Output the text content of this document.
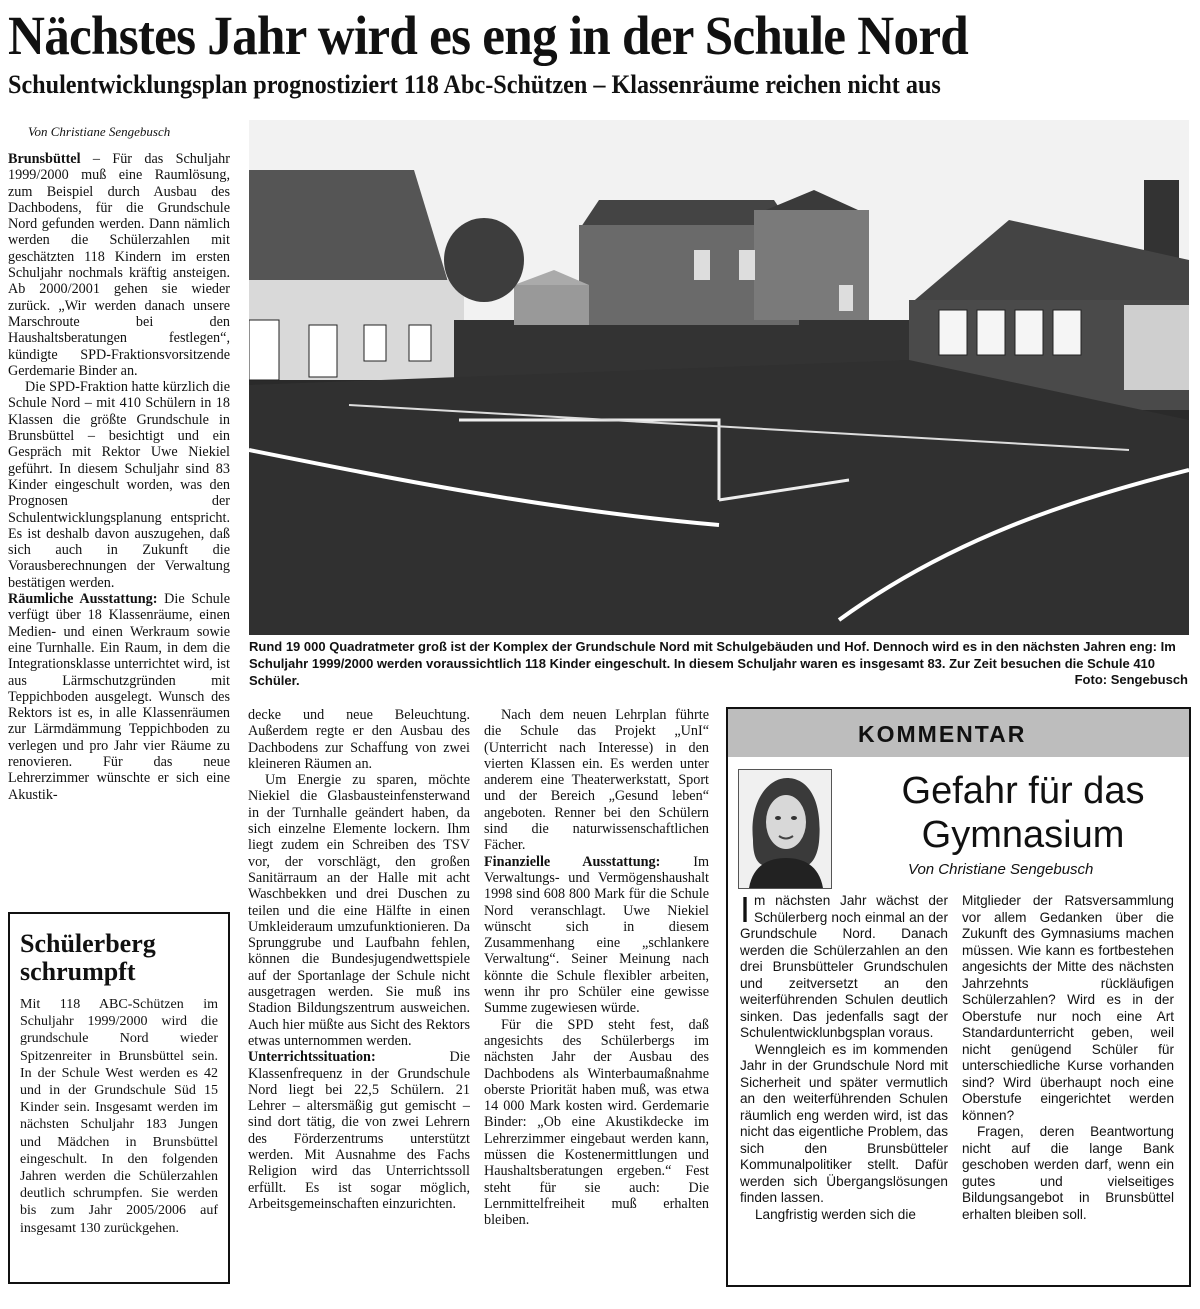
Nächstes Jahr wird es eng in der Schule Nord
Schulentwicklungsplan prognostiziert 118 Abc-Schützen – Klassenräume reichen nicht aus
Von Christiane Sengebusch

Brunsbüttel – Für das Schuljahr 1999/2000 muß eine Raumlösung, zum Beispiel durch Ausbau des Dachbodens, für die Grundschule Nord gefunden werden. Dann nämlich werden die Schülerzahlen mit geschätzten 118 Kindern im ersten Schuljahr nochmals kräftig ansteigen. Ab 2000/2001 gehen sie wieder zurück. „Wir werden danach unsere Marschroute bei den Haushaltsberatungen festlegen“, kündigte SPD-Fraktionsvorsitzende Gerdemarie Binder an.

Die SPD-Fraktion hatte kürzlich die Schule Nord – mit 410 Schülern in 18 Klassen die größte Grundschule in Brunsbüttel – besichtigt und ein Gespräch mit Rektor Uwe Niekiel geführt. In diesem Schuljahr sind 83 Kinder eingeschult worden, was den Prognosen der Schulentwicklungsplanung entspricht. Es ist deshalb davon auszugehen, daß sich auch in Zukunft die Vorausberechnungen der Verwaltung bestätigen werden.

Räumliche Ausstattung: Die Schule verfügt über 18 Klassenräume, einen Medien- und einen Werkraum sowie eine Turnhalle. Ein Raum, in dem die Integrationsklasse unterrichtet wird, ist aus Lärmschutzgründen mit Teppichboden ausgelegt. Wunsch des Rektors ist es, in alle Klassenräumen zur Lärmdämmung Teppichboden zu verlegen und pro Jahr vier Räume zu renovieren. Für das neue Lehrerzimmer wünschte er sich eine Akustik-

Rund 19 000 Quadratmeter groß ist der Komplex der Grundschule Nord mit Schulgebäuden und Hof. Dennoch wird es in den nächsten Jahren eng: Im Schuljahr 1999/2000 werden voraussichtlich 118 Kinder eingeschult. In diesem Schuljahr waren es insgesamt 83. Zur Zeit besuchen die Schule 410 Schüler.	Foto: Sengebusch
Schülerberg schrumpft
Mit 118 ABC-Schützen im Schuljahr 1999/2000 wird die grundschule Nord wieder Spitzenreiter in Brunsbüttel sein. In der Schule West werden es 42 und in der Grundschule Süd 15 Kinder sein. Insgesamt werden im nächsten Schuljahr 183 Jungen und Mädchen in Brunsbüttel eingeschult. In den folgenden Jahren werden die Schülerzahlen deutlich schrumpfen. Sie werden bis zum Jahr 2005/2006 auf insgesamt 130 zurückgehen.

decke und neue Beleuchtung. Außerdem regte er den Ausbau des Dachbodens zur Schaffung von zwei kleineren Räumen an.

Um Energie zu sparen, möchte Niekiel die Glasbausteinfensterwand in der Turnhalle geändert haben, da sich einzelne Elemente lockern. Ihm liegt zudem ein Schreiben des TSV vor, der vorschlägt, den großen Sanitärraum an der Halle mit acht Waschbekken und drei Duschen zu teilen und die eine Hälfte in einen Umkleideraum umzufunktionieren. Da Sprunggrube und Laufbahn fehlen, können die Bundesjugendwettspiele auf der Sportanlage der Schule nicht ausgetragen werden. Sie muß ins Stadion Bildungszentrum ausweichen. Auch hier müßte aus Sicht des Rektors etwas unternommen werden.

Unterrichtssituation: Die Klassenfrequenz in der Grundschule Nord liegt bei 22,5 Schülern. 21 Lehrer – altersmäßig gut gemischt – sind dort tätig, die von zwei Lehrern des Förderzentrums unterstützt werden. Mit Ausnahme des Fachs Religion wird das Unterrichtssoll erfüllt. Es ist sogar möglich, Arbeitsgemeinschaften einzurichten.

Nach dem neuen Lehrplan führte die Schule das Projekt „UnI“ (Unterricht nach Interesse) in den vierten Klassen ein. Es werden unter anderem eine Theaterwerkstatt, Sport und der Bereich „Gesund leben“ angeboten. Renner bei den Schülern sind die naturwissenschaftlichen Fächer.

Finanzielle Ausstattung: Im Verwaltungs- und Vermögenshaushalt 1998 sind 608 800 Mark für die Schule Nord veranschlagt. Uwe Niekiel wünscht sich in diesem Zusammenhang eine „schlankere Verwaltung“. Seiner Meinung nach könnte die Schule flexibler arbeiten, wenn ihr pro Schüler eine gewisse Summe zugewiesen würde.

Für die SPD steht fest, daß angesichts des Schülerbergs im nächsten Jahr der Ausbau des Dachbodens als Winterbaumaßnahme oberste Priorität haben muß, was etwa 14 000 Mark kosten wird. Gerdemarie Binder: „Ob eine Akustikdecke im Lehrerzimmer eingebaut werden kann, müssen die Kostenermittlungen und Haushaltsberatungen ergeben.“ Fest steht für sie auch: Die Lernmittelfreiheit muß erhalten bleiben.

KOMMENTAR
Gefahr für das Gymnasium
Von Christiane Sengebusch

Im nächsten Jahr wächst der Schülerberg noch einmal an der Grundschule Nord. Danach werden die Schülerzahlen an den drei Brunsbütteler Grundschulen und zeitversetzt an den weiterführenden Schulen deutlich sinken. Das jedenfalls sagt der Schulentwicklunbgsplan voraus.

Wenngleich es im kommenden Jahr in der Grundschule Nord mit Sicherheit und später vermutlich an den weiterführenden Schulen räumlich eng werden wird, ist das nicht das eigentliche Problem, das sich den Brunsbütteler Kommunalpolitiker stellt. Dafür werden sich Übergangslösungen finden lassen.

Langfristig werden sich die

Mitglieder der Ratsversammlung vor allem Gedanken über die Zukunft des Gymnasiums machen müssen. Wie kann es fortbestehen angesichts der Mitte des nächsten Jahrzehnts rückläufigen Schülerzahlen? Wird es in der Oberstufe nur noch eine Art Standardunterricht geben, weil nicht genügend Schüler für unterschiedliche Kurse vorhanden sind? Wird überhaupt noch eine Oberstufe eingerichtet werden können?

Fragen, deren Beantwortung nicht auf die lange Bank geschoben werden darf, wenn ein gutes und vielseitiges Bildungsangebot in Brunsbüttel erhalten bleiben soll.
